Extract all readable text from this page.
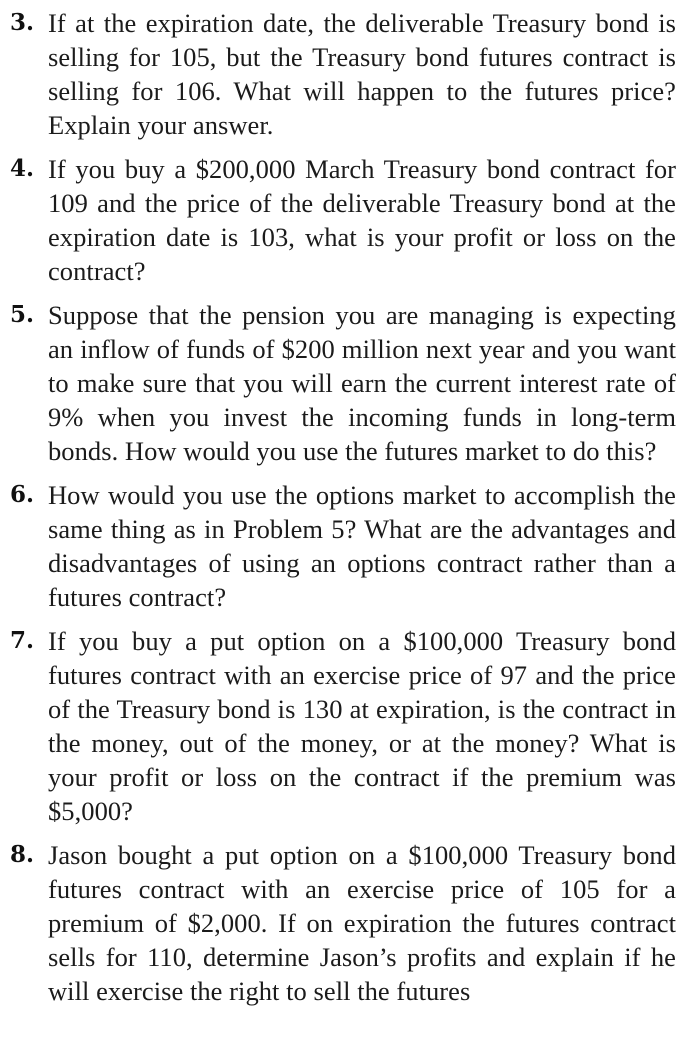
3. If at the expiration date, the deliverable Treasury bond is selling for 105, but the Treasury bond futures contract is selling for 106. What will happen to the futures price? Explain your answer.
4. If you buy a $200,000 March Treasury bond contract for 109 and the price of the deliverable Treasury bond at the expiration date is 103, what is your profit or loss on the contract?
5. Suppose that the pension you are managing is expecting an inflow of funds of $200 million next year and you want to make sure that you will earn the current interest rate of 9% when you invest the incoming funds in long-term bonds. How would you use the futures market to do this?
6. How would you use the options market to accomplish the same thing as in Problem 5? What are the advantages and disadvantages of using an options contract rather than a futures contract?
7. If you buy a put option on a $100,000 Treasury bond futures contract with an exercise price of 97 and the price of the Treasury bond is 130 at expiration, is the contract in the money, out of the money, or at the money? What is your profit or loss on the contract if the premium was $5,000?
8. Jason bought a put option on a $100,000 Treasury bond futures contract with an exercise price of 105 for a premium of $2,000. If on expiration the futures contract sells for 110, determine Jason’s profits and explain if he will exercise the right to sell the futures
